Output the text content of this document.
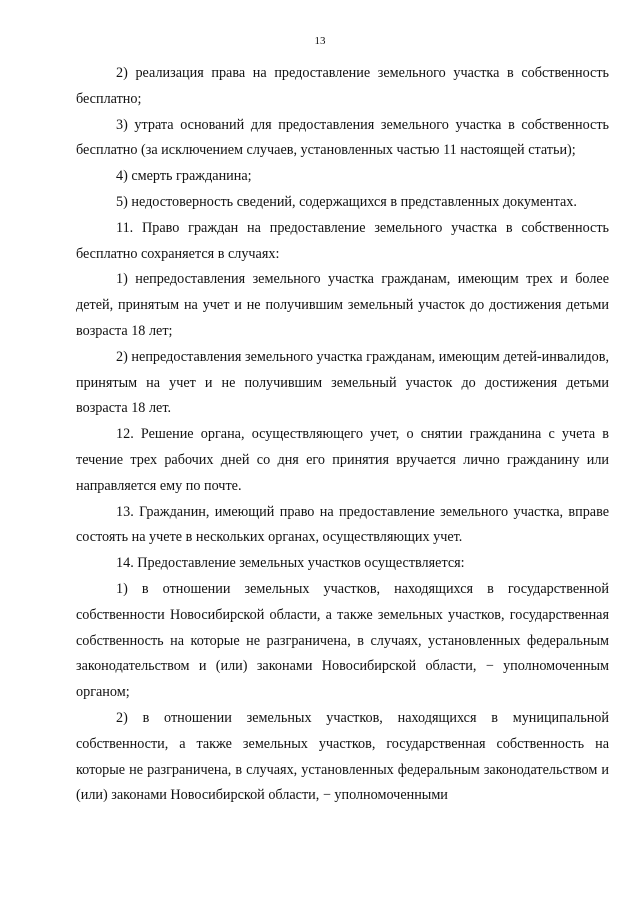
13

2) реализация права на предоставление земельного участка в собственность бесплатно;

3) утрата оснований для предоставления земельного участка в собственность бесплатно (за исключением случаев, установленных частью 11 настоящей статьи);

4) смерть гражданина;

5) недостоверность сведений, содержащихся в представленных документах.

11. Право граждан на предоставление земельного участка в собственность бесплатно сохраняется в случаях:

1) непредоставления земельного участка гражданам, имеющим трех и более детей, принятым на учет и не получившим земельный участок до достижения детьми возраста 18 лет;

2) непредоставления земельного участка гражданам, имеющим детей-инвалидов, принятым на учет и не получившим земельный участок до достижения детьми возраста 18 лет.

12. Решение органа, осуществляющего учет, о снятии гражданина с учета в течение трех рабочих дней со дня его принятия вручается лично гражданину или направляется ему по почте.

13. Гражданин, имеющий право на предоставление земельного участка, вправе состоять на учете в нескольких органах, осуществляющих учет.

14. Предоставление земельных участков осуществляется:

1) в отношении земельных участков, находящихся в государственной собственности Новосибирской области, а также земельных участков, государственная собственность на которые не разграничена, в случаях, установленных федеральным законодательством и (или) законами Новосибирской области, − уполномоченным органом;

2) в отношении земельных участков, находящихся в муниципальной собственности, а также земельных участков, государственная собственность на которые не разграничена, в случаях, установленных федеральным законодательством и (или) законами Новосибирской области, − уполномоченными
